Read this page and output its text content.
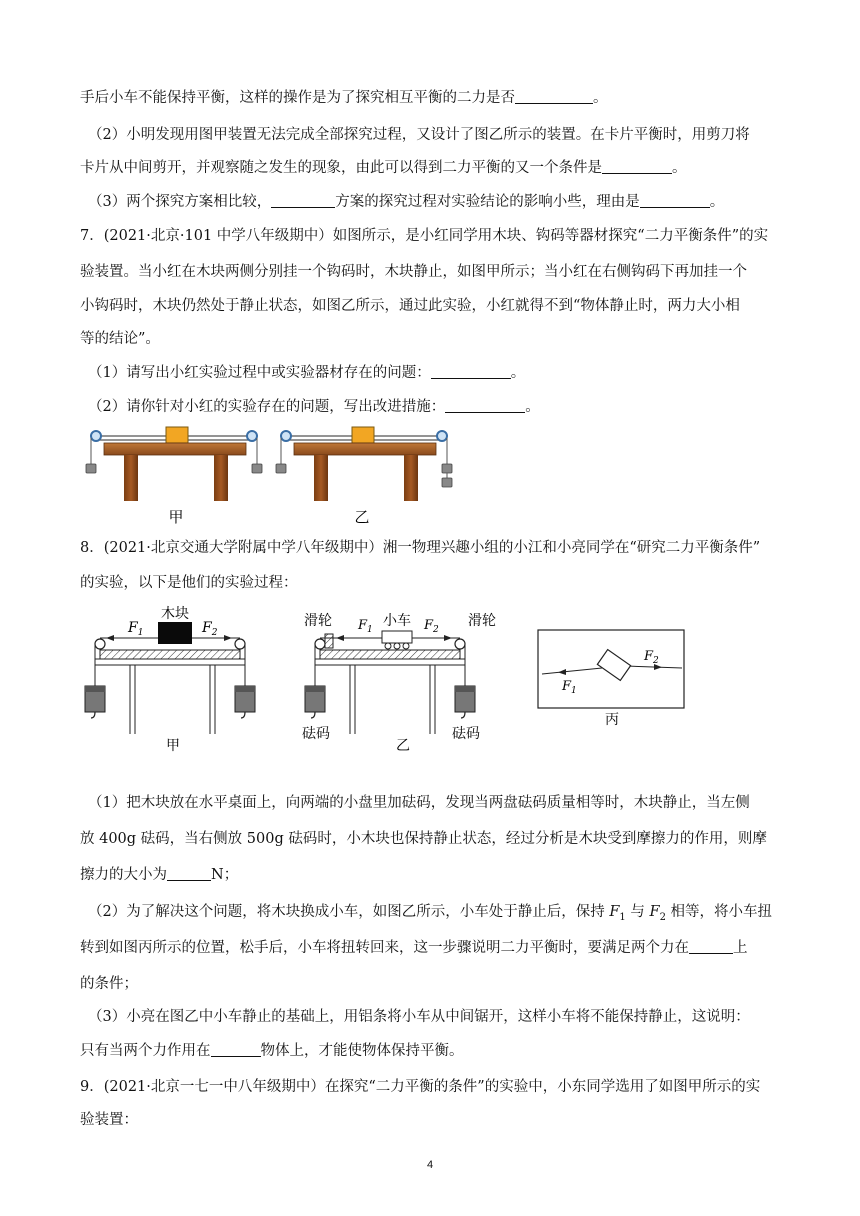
手后小车不能保持平衡，这样的操作是为了探究相互平衡的二力是否	。
（2）小明发现用图甲装置无法完成全部探究过程，又设计了图乙所示的装置。在卡片平衡时，用剪刀将
卡片从中间剪开，并观察随之发生的现象，由此可以得到二力平衡的又一个条件是	。
（3）两个探究方案相比较，	方案的探究过程对实验结论的影响小些，理由是	。
7．(2021·北京·101 中学八年级期中）如图所示，是小红同学用木块、钩码等器材探究“二力平衡条件”的实
验装置。当小红在木块两侧分别挂一个钩码时，木块静止，如图甲所示；当小红在右侧钩码下再加挂一个
小钩码时，木块仍然处于静止状态，如图乙所示，通过此实验，小红就得不到“物体静止时，两力大小相
等的结论”。
（1）请写出小红实验过程中或实验器材存在的问题：	。
（2）请你针对小红的实验存在的问题，写出改进措施：	。
甲	乙
8．(2021·北京交通大学附属中学八年级期中）湘一物理兴趣小组的小江和小亮同学在“研究二力平衡条件”
的实验，以下是他们的实验过程：
木块
$F_1$	$F_2$
甲
小车
滑轮	滑轮
$F_1$	$F_2$
砝码	砝码
乙
$F_1$
$F_2$
丙
（1）把木块放在水平桌面上，向两端的小盘里加砝码，发现当两盘砝码质量相等时，木块静止，当左侧
放 400g 砝码，当右侧放 500g 砝码时，小木块也保持静止状态，经过分析是木块受到摩擦力的作用，则摩
擦力的大小为	N；
（2）为了解决这个问题，将木块换成小车，如图乙所示，小车处于静止后，保持 $F_1$ 与 $F_2$ 相等，将小车扭
转到如图丙所示的位置，松手后，小车将扭转回来，这一步骤说明二力平衡时，要满足两个力在	上
的条件；
（3）小亮在图乙中小车静止的基础上，用铝条将小车从中间锯开，这样小车将不能保持静止，这说明：
只有当两个力作用在	物体上，才能使物体保持平衡。
9．(2021·北京一七一中八年级期中）在探究“二力平衡的条件”的实验中，小东同学选用了如图甲所示的实
验装置：
4
